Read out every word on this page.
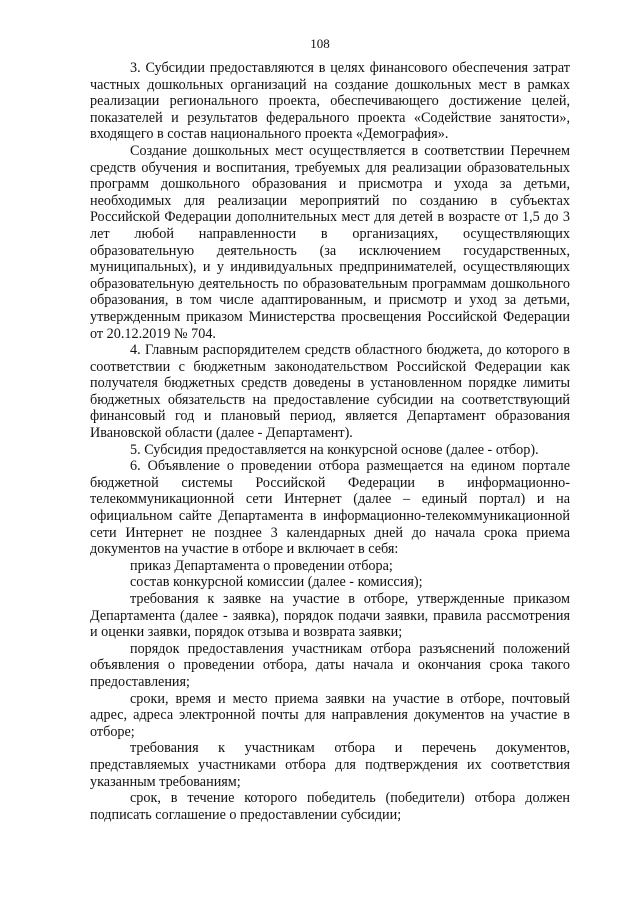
108

3. Субсидии предоставляются в целях финансового обеспечения затрат частных дошкольных организаций на создание дошкольных мест в рамках реализации регионального проекта, обеспечивающего достижение целей, показателей и результатов федерального проекта «Содействие занятости», входящего в состав национального проекта «Демография».

Создание дошкольных мест осуществляется в соответствии Перечнем средств обучения и воспитания, требуемых для реализации образовательных программ дошкольного образования и присмотра и ухода за детьми, необходимых для реализации мероприятий по созданию в субъектах Российской Федерации дополнительных мест для детей в возрасте от 1,5 до 3 лет любой направленности в организациях, осуществляющих образовательную деятельность (за исключением государственных, муниципальных), и у индивидуальных предпринимателей, осуществляющих образовательную деятельность по образовательным программам дошкольного образования, в том числе адаптированным, и присмотр и уход за детьми, утвержденным приказом Министерства просвещения Российской Федерации от 20.12.2019 № 704.

4. Главным распорядителем средств областного бюджета, до которого в соответствии с бюджетным законодательством Российской Федерации как получателя бюджетных средств доведены в установленном порядке лимиты бюджетных обязательств на предоставление субсидии на соответствующий финансовый год и плановый период, является Департамент образования Ивановской области (далее - Департамент).

5. Субсидия предоставляется на конкурсной основе (далее - отбор).

6. Объявление о проведении отбора размещается на едином портале бюджетной системы Российской Федерации в информационно-телекоммуникационной сети Интернет (далее – единый портал) и на официальном сайте Департамента в информационно-телекоммуникационной сети Интернет не позднее 3 календарных дней до начала срока приема документов на участие в отборе и включает в себя:

приказ Департамента о проведении отбора;

состав конкурсной комиссии (далее - комиссия);

требования к заявке на участие в отборе, утвержденные приказом Департамента (далее - заявка), порядок подачи заявки, правила рассмотрения и оценки заявки, порядок отзыва и возврата заявки;

порядок предоставления участникам отбора разъяснений положений объявления о проведении отбора, даты начала и окончания срока такого предоставления;

сроки, время и место приема заявки на участие в отборе, почтовый адрес, адреса электронной почты для направления документов на участие в отборе;

требования к участникам отбора и перечень документов, представляемых участниками отбора для подтверждения их соответствия указанным требованиям;

срок, в течение которого победитель (победители) отбора должен подписать соглашение о предоставлении субсидии;
